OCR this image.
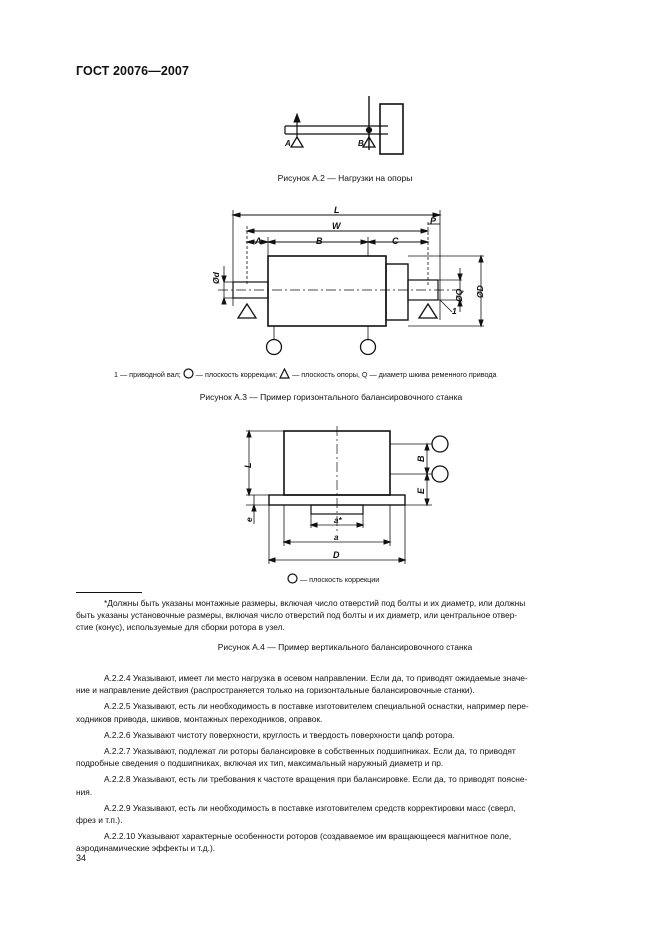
ГОСТ 20076—2007
A	B
Рисунок А.2 — Нагрузки на опоры
L
W
A	B	C
P
Ød
ØQ ØD
1
1 — приводной вал; — плоскость коррекции; — плоскость опоры, Q — диаметр шкива ременного привода
Рисунок А.3 — Пример горизонтального балансировочного станка
L
e
B
E
a*
a
D
— плоскость коррекции
*Должны быть указаны монтажные размеры, включая число отверстий под болты и их диаметр, или должны
быть указаны установочные размеры, включая число отверстий под болты и их диаметр, или центральное отвер-
стие (конус), используемые для сборки ротора в узел.
Рисунок А.4 — Пример вертикального балансировочного станка

А.2.2.4 Указывают, имеет ли место нагрузка в осевом направлении. Если да, то приводят ожидаемые значе-

ние и направление действия (распространяется только на горизонтальные балансировочные станки).

А.2.2.5 Указывают, есть ли необходимость в поставке изготовителем специальной оснастки, например пере-

ходников привода, шкивов, монтажных переходников, оправок.

А.2.2.6 Указывают чистоту поверхности, круглость и твердость поверхности цапф ротора.

А.2.2.7 Указывают, подлежат ли роторы балансировке в собственных подшипниках. Если да, то приводят

подробные сведения о подшипниках, включая их тип, максимальный наружный диаметр и пр.

А.2.2.8 Указывают, есть ли требования к частоте вращения при балансировке. Если да, то приводят поясне-

ния.

А.2.2.9 Указывают, есть ли необходимость в поставке изготовителем средств корректировки масс (сверл,

фрез и т.п.).

А.2.2.10 Указывают характерные особенности роторов (создаваемое им вращающееся магнитное поле,

аэродинамические эффекты и т.д.).

34
